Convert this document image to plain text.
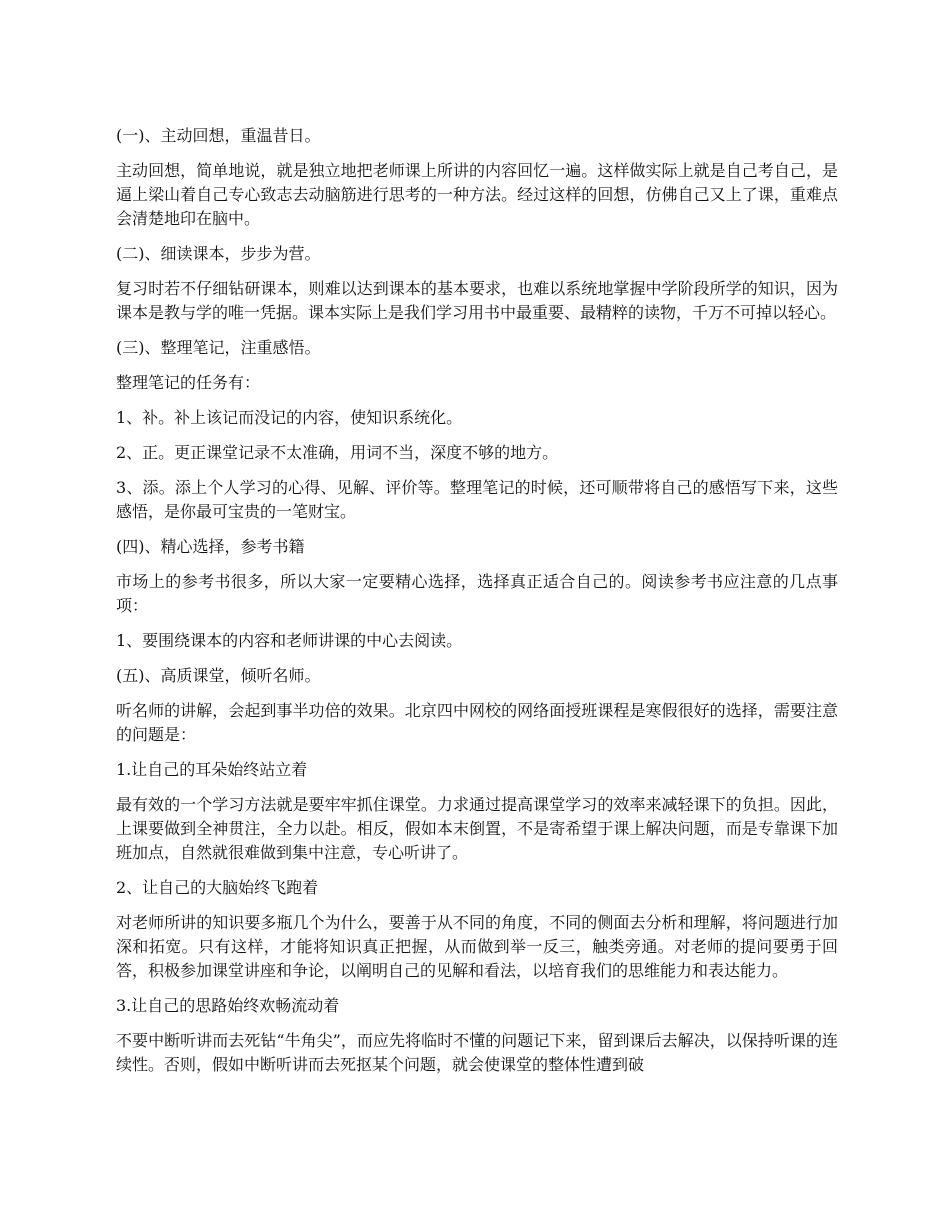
(一)、主动回想，重温昔日。

主动回想，简单地说，就是独立地把老师课上所讲的内容回忆一遍。这样做实际上就是自己考自己，是逼上梁山着自己专心致志去动脑筋进行思考的一种方法。经过这样的回想，仿佛自己又上了课，重难点会清楚地印在脑中。

(二)、细读课本，步步为营。

复习时若不仔细钻研课本，则难以达到课本的基本要求，也难以系统地掌握中学阶段所学的知识，因为课本是教与学的唯一凭据。课本实际上是我们学习用书中最重要、最精粹的读物，千万不可掉以轻心。

(三)、整理笔记，注重感悟。

整理笔记的任务有：

1、补。补上该记而没记的内容，使知识系统化。

2、正。更正课堂记录不太准确，用词不当，深度不够的地方。

3、添。添上个人学习的心得、见解、评价等。整理笔记的时候，还可顺带将自己的感悟写下来，这些感悟，是你最可宝贵的一笔财宝。

(四)、精心选择，参考书籍

市场上的参考书很多，所以大家一定要精心选择，选择真正适合自己的。阅读参考书应注意的几点事项：

1、要围绕课本的内容和老师讲课的中心去阅读。

(五)、高质课堂，倾听名师。

听名师的讲解，会起到事半功倍的效果。北京四中网校的网络面授班课程是寒假很好的选择，需要注意的问题是：

1.让自己的耳朵始终站立着

最有效的一个学习方法就是要牢牢抓住课堂。力求通过提高课堂学习的效率来减轻课下的负担。因此，上课要做到全神贯注，全力以赴。相反，假如本末倒置，不是寄希望于课上解决问题，而是专靠课下加班加点，自然就很难做到集中注意，专心听讲了。

2、让自己的大脑始终飞跑着

对老师所讲的知识要多瓶几个为什么，要善于从不同的角度，不同的侧面去分析和理解，将问题进行加深和拓宽。只有这样，才能将知识真正把握，从而做到举一反三，触类旁通。对老师的提问要勇于回答，积极参加课堂讲座和争论，以阐明自己的见解和看法，以培育我们的思维能力和表达能力。

3.让自己的思路始终欢畅流动着

不要中断听讲而去死钻“牛角尖”，而应先将临时不懂的问题记下来，留到课后去解决，以保持听课的连续性。否则，假如中断听讲而去死抠某个问题，就会使课堂的整体性遭到破
